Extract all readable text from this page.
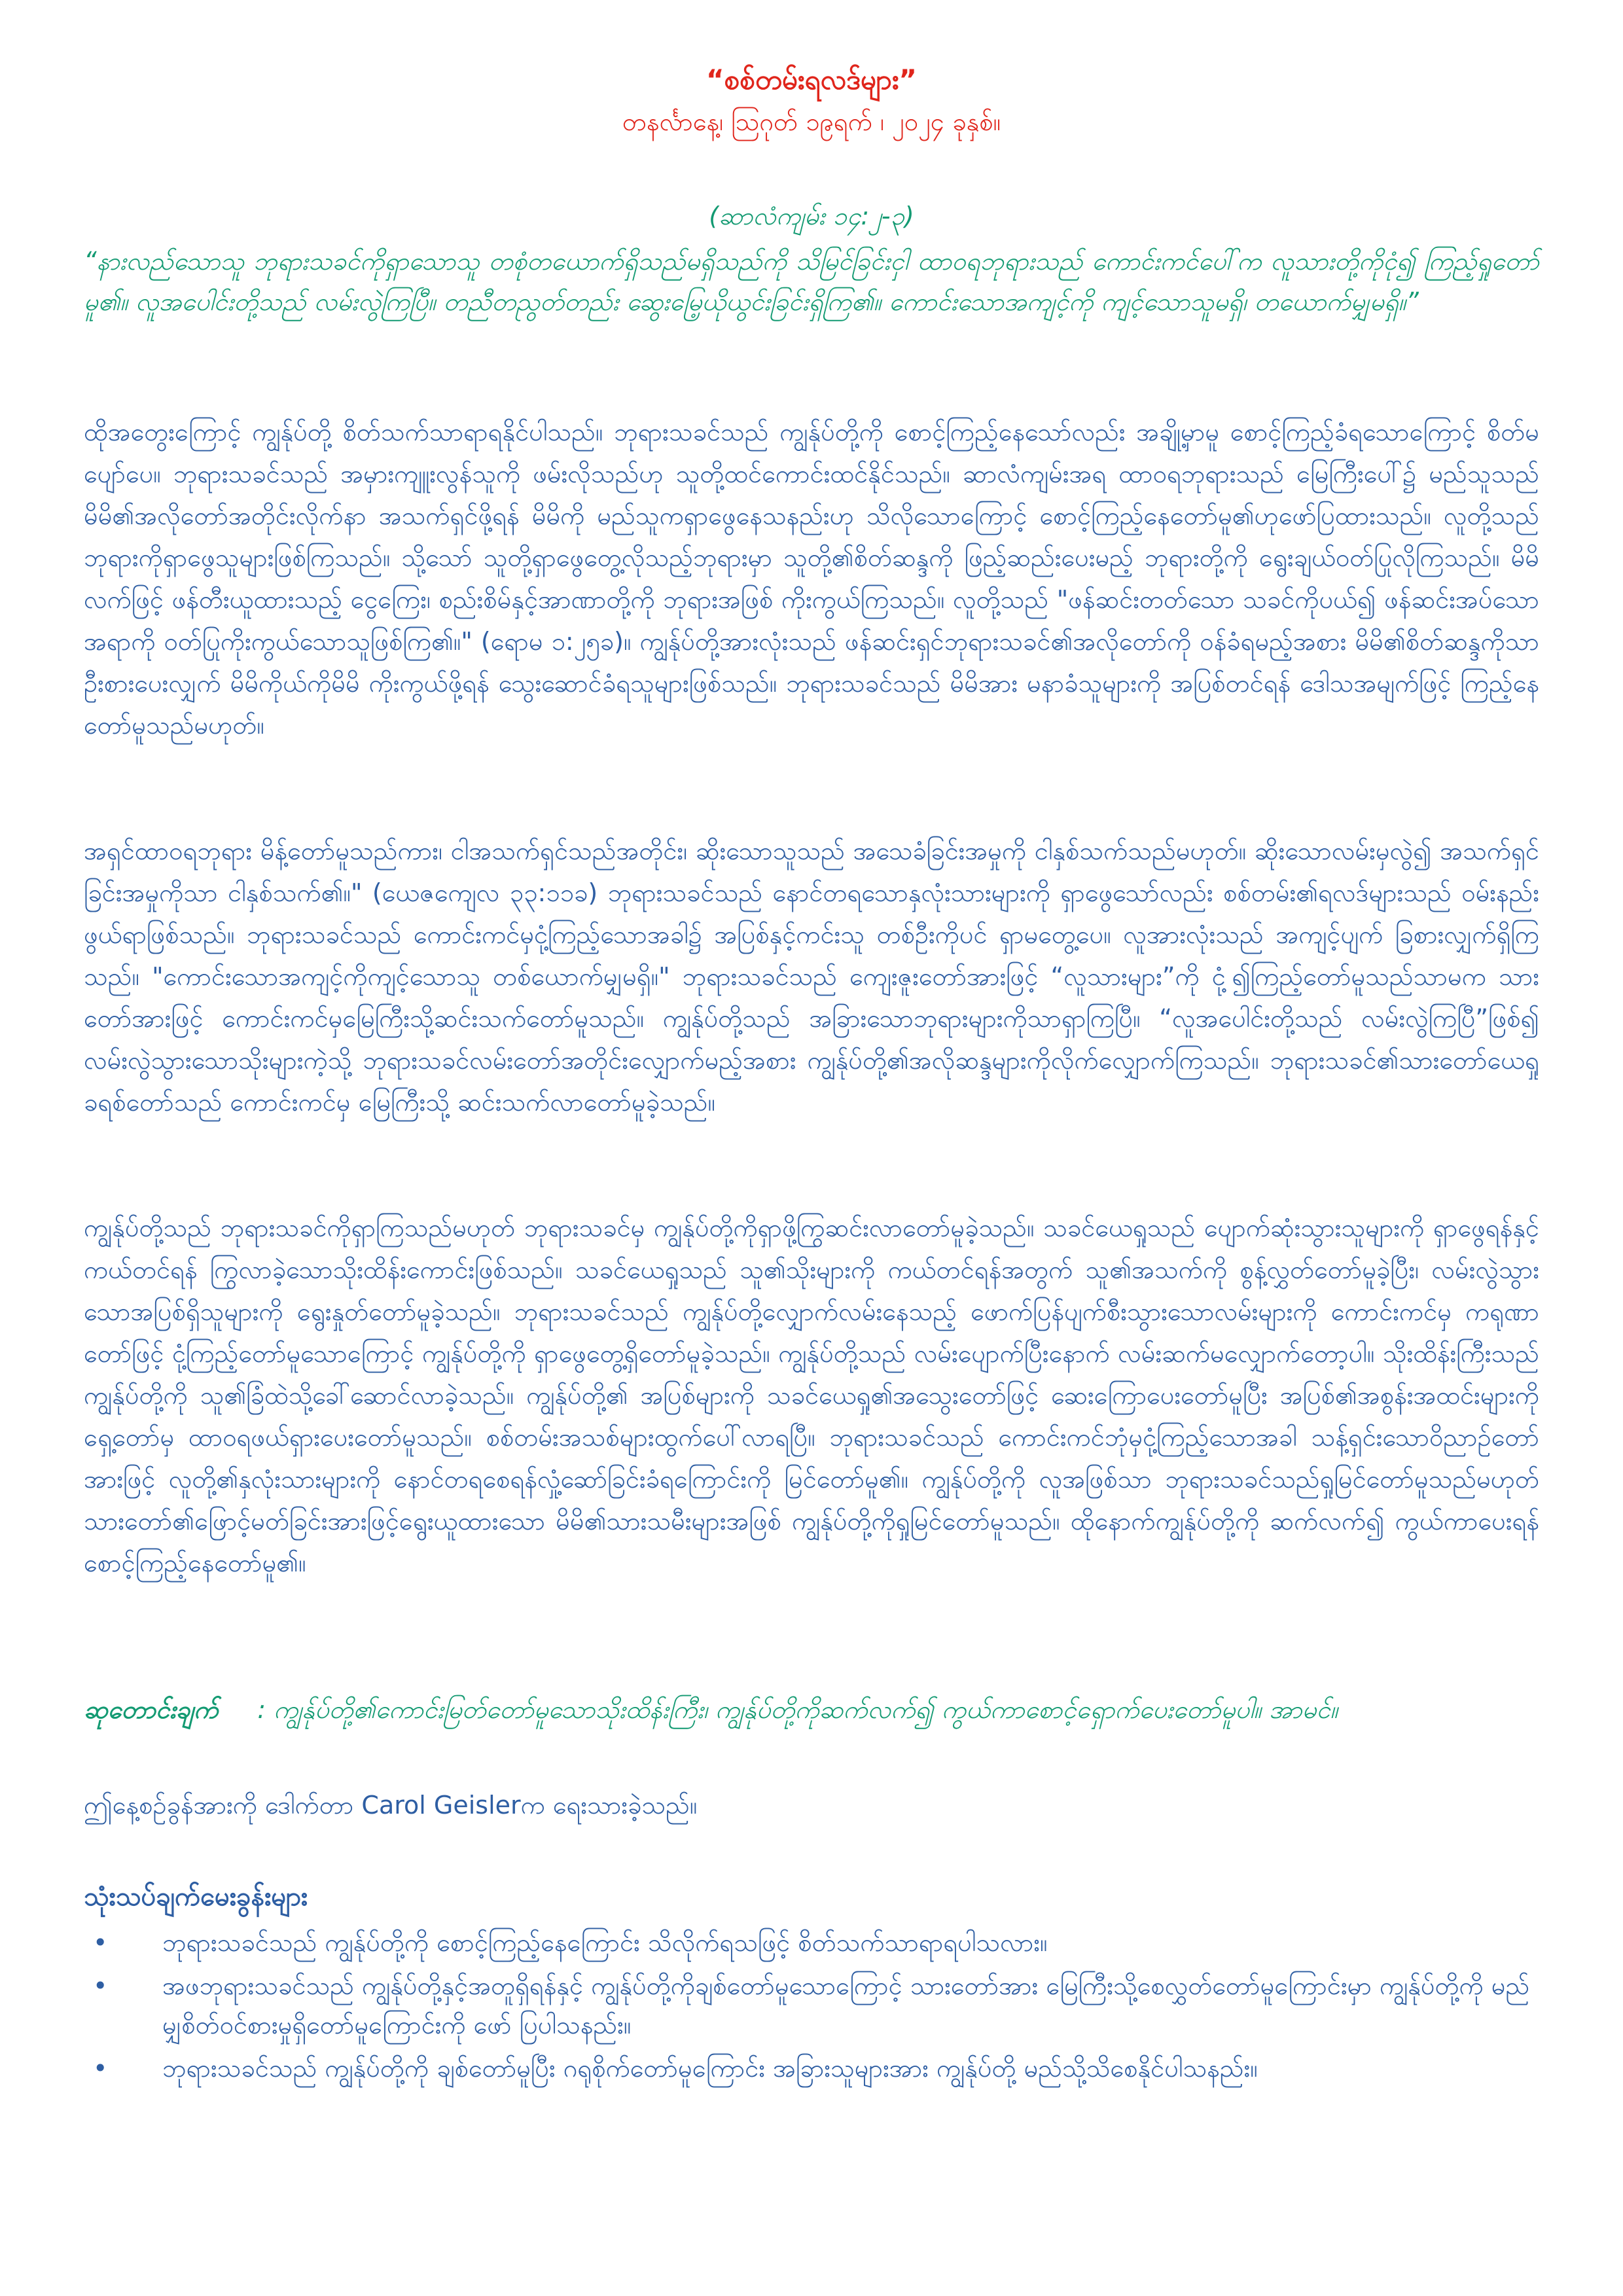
“စစ်တမ်းရလဒ်များ”
တနင်္လာနေ့၊ ဩဂုတ် ၁၉ရက် ၊ ၂၀၂၄ ခုနှစ်။
(ဆာလံကျမ်း ၁၄:၂-၃)

“နားလည်သောသူ ဘုရားသခင်ကိုရှာသောသူ တစုံတယောက်ရှိသည်မရှိသည်ကို သိမြင်ခြင်းငှါ ထာဝရဘုရားသည် ကောင်းကင်ပေါ်က လူသားတို့ကိုငုံ၍ ကြည့်ရှုတော်မူ၏။ လူအပေါင်းတို့သည် လမ်းလွဲကြပြီ။ တညီတညွတ်တည်း ဆွေးမြေ့ယိုယွင်းခြင်းရှိကြ၏။ ကောင်းသောအကျင့်ကို ကျင့်သောသူမရှိ၊ တယောက်မျှမရှိ။”

ထိုအတွေးကြောင့် ကျွန်ုပ်တို့ စိတ်သက်သာရာရနိုင်ပါသည်။ ဘုရားသခင်သည် ကျွန်ုပ်တို့ကို စောင့်ကြည့်နေသော်လည်း အချို့မှာမူ စောင့်ကြည့်ခံရသောကြောင့် စိတ်မပျော်ပေ။ ဘုရားသခင်သည် အမှားကျူးလွန်သူကို ဖမ်းလိုသည်ဟု သူတို့ထင်ကောင်းထင်နိုင်သည်။ ဆာလံကျမ်းအရ ထာဝရဘုရားသည် မြေကြီးပေါ်၌ မည်သူသည် မိမိ၏အလိုတော်အတိုင်းလိုက်နာ အသက်ရှင်ဖို့ရန် မိမိကို မည်သူကရှာဖွေနေသနည်းဟု သိလိုသောကြောင့် စောင့်ကြည့်နေတော်မူ၏ဟုဖော်ပြထားသည်။ လူတို့သည် ဘုရားကိုရှာဖွေသူများဖြစ်ကြသည်။ သို့သော် သူတို့ရှာဖွေတွေ့လိုသည့်ဘုရားမှာ သူတို့၏စိတ်ဆန္ဒကို ဖြည့်ဆည်းပေးမည့် ဘုရားတို့ကို ရွေးချယ်ဝတ်ပြုလိုကြသည်။ မိမိလက်ဖြင့် ဖန်တီးယူထားသည့် ငွေကြေး၊ စည်းစိမ်နှင့်အာဏာတို့ကို ဘုရားအဖြစ် ကိုးကွယ်ကြသည်။ လူတို့သည် "ဖန်ဆင်းတတ်သော သခင်ကိုပယ်၍ ဖန်ဆင်းအပ်သောအရာကို ဝတ်ပြုကိုးကွယ်သောသူဖြစ်ကြ၏။" (ရောမ ၁:၂၅ခ)။ ကျွန်ုပ်တို့အားလုံးသည် ဖန်ဆင်းရှင်ဘုရားသခင်၏အလိုတော်ကို ဝန်ခံရမည့်အစား မိမိ၏စိတ်ဆန္ဒကိုသာ ဦးစားပေးလျှက် မိမိကိုယ်ကိုမိမိ ကိုးကွယ်ဖို့ရန် သွေးဆောင်ခံရသူများဖြစ်သည်။ ဘုရားသခင်သည် မိမိအား မနာခံသူများကို အပြစ်တင်ရန် ဒေါသအမျက်ဖြင့် ကြည့်နေတော်မူသည်မဟုတ်။

အရှင်ထာဝရဘုရား မိန့်တော်မူသည်ကား၊ ငါအသက်ရှင်သည်အတိုင်း၊ ဆိုးသောသူသည် အသေခံခြင်းအမှုကို ငါနှစ်သက်သည်မဟုတ်။ ဆိုးသောလမ်းမှလွဲ၍ အသက်ရှင်ခြင်းအမှုကိုသာ ငါနှစ်သက်၏။" (ယေဇကျေလ ၃၃:၁၁ခ) ဘုရားသခင်သည် နောင်တရသောနှလုံးသားများကို ရှာဖွေသော်လည်း စစ်တမ်း၏ရလဒ်များသည် ဝမ်းနည်းဖွယ်ရာဖြစ်သည်။ ဘုရားသခင်သည် ကောင်းကင်မှငုံ့ကြည့်သောအခါ၌ အပြစ်နှင့်ကင်းသူ တစ်ဦးကိုပင် ရှာမတွေ့ပေ။ လူအားလုံးသည် အကျင့်ပျက် ခြစားလျှက်ရှိကြသည်။ "ကောင်းသောအကျင့်ကိုကျင့်သောသူ တစ်ယောက်မျှမရှိ။" ဘုရားသခင်သည် ကျေးဇူးတော်အားဖြင့် “လူသားများ”ကို ငုံ့၍ကြည့်တော်မူသည်သာမက သားတော်အားဖြင့် ကောင်းကင်မှမြေကြီးသို့ဆင်းသက်တော်မူသည်။ ကျွန်ုပ်တို့သည် အခြားသောဘုရားများကိုသာရှာကြပြီ။ “လူအပေါင်းတို့သည် လမ်းလွဲကြပြီ”ဖြစ်၍ လမ်းလွဲသွားသောသိုးများကဲ့သို့ ဘုရားသခင်လမ်းတော်အတိုင်းလျှောက်မည့်အစား ကျွန်ုပ်တို့၏အလိုဆန္ဒများကိုလိုက်လျှောက်ကြသည်။ ဘုရားသခင်၏သားတော်ယေရှုခရစ်တော်သည် ကောင်းကင်မှ မြေကြီးသို့ ဆင်းသက်လာတော်မူခဲ့သည်။

ကျွန်ုပ်တို့သည် ဘုရားသခင်ကိုရှာကြသည်မဟုတ် ဘုရားသခင်မှ ကျွန်ုပ်တို့ကိုရှာဖို့ကြွဆင်းလာတော်မူခဲ့သည်။ သခင်ယေရှုသည် ပျောက်ဆုံးသွားသူများကို ရှာဖွေရန်နှင့်ကယ်တင်ရန် ကြွလာခဲ့သောသိုးထိန်းကောင်းဖြစ်သည်။ သခင်ယေရှုသည် သူ၏သိုးများကို ကယ်တင်ရန်အတွက် သူ၏အသက်ကို စွန့်လွှတ်တော်မူခဲ့ပြီး၊ လမ်းလွဲသွားသောအပြစ်ရှိသူများကို ရွေးနှုတ်တော်မူခဲ့သည်။ ဘုရားသခင်သည် ကျွန်ုပ်တို့လျှောက်လမ်းနေသည့် ဖောက်ပြန်ပျက်စီးသွားသောလမ်းများကို ကောင်းကင်မှ ကရုဏာတော်ဖြင့် ငုံ့ကြည့်တော်မူသောကြောင့် ကျွန်ုပ်တို့ကို ရှာဖွေတွေ့ရှိတော်မူခဲ့သည်။ ကျွန်ုပ်တို့သည် လမ်းပျောက်ပြီးနောက် လမ်းဆက်မလျှောက်တော့ပါ။ သိုးထိန်းကြီးသည် ကျွန်ုပ်တို့ကို သူ၏ခြံထဲသို့ခေါ်ဆောင်လာခဲ့သည်။ ကျွန်ုပ်တို့၏ အပြစ်များကို သခင်ယေရှု၏အသွေးတော်ဖြင့် ဆေးကြောပေးတော်မူပြီး အပြစ်၏အစွန်းအထင်းများကို ရှေ့တော်မှ ထာဝရဖယ်ရှားပေးတော်မူသည်။ စစ်တမ်းအသစ်များထွက်ပေါ်လာရပြီ။ ဘုရားသခင်သည် ကောင်းကင်ဘုံမှငုံ့ကြည့်သောအခါ သန့်ရှင်းသောဝိညာဉ်တော်အားဖြင့် လူတို့၏နှလုံးသားများကို နောင်တရစေရန်လှုံ့ဆော်ခြင်းခံရကြောင်းကို မြင်တော်မူ၏။ ကျွန်ုပ်တို့ကို လူအဖြစ်သာ ဘုရားသခင်သည်ရှုမြင်တော်မူသည်မဟုတ် သားတော်၏ဖြောင့်မတ်ခြင်းအားဖြင့်ရွေးယူထားသော မိမိ၏သားသမီးများအဖြစ် ကျွန်ုပ်တို့ကိုရှုမြင်တော်မူသည်။ ထိုနောက်ကျွန်ုပ်တို့ကို ဆက်လက်၍ ကွယ်ကာပေးရန်စောင့်ကြည့်နေတော်မူ၏။

ဆုတောင်းချက် : ကျွန်ုပ်တို့၏ကောင်းမြတ်တော်မူသောသိုးထိန်းကြီး၊ ကျွန်ုပ်တို့ကိုဆက်လက်၍ ကွယ်ကာစောင့်ရှောက်ပေးတော်မူပါ။ အာမင်။

ဤနေ့စဉ်ခွန်အားကို ဒေါက်တာ Carol Geislerက ရေးသားခဲ့သည်။

သုံးသပ်ချက်မေးခွန်းများ

• ဘုရားသခင်သည် ကျွန်ုပ်တို့ကို စောင့်ကြည့်နေကြောင်း သိလိုက်ရသဖြင့် စိတ်သက်သာရာရပါသလား။
• အဖဘုရားသခင်သည် ကျွန်ုပ်တို့နှင့်အတူရှိရန်နှင့် ကျွန်ုပ်တို့ကိုချစ်တော်မူသောကြောင့် သားတော်အား မြေကြီးသို့စေလွှတ်တော်မူကြောင်းမှာ ကျွန်ုပ်တို့ကို မည်မျှစိတ်ဝင်စားမှုရှိတော်မူကြောင်းကို ဖော် ပြပါသနည်း။
• ဘုရားသခင်သည် ကျွန်ုပ်တို့ကို ချစ်တော်မူပြီး ဂရုစိုက်တော်မူကြောင်း အခြားသူများအား ကျွန်ုပ်တို့ မည်သို့သိစေနိုင်ပါသနည်း။
